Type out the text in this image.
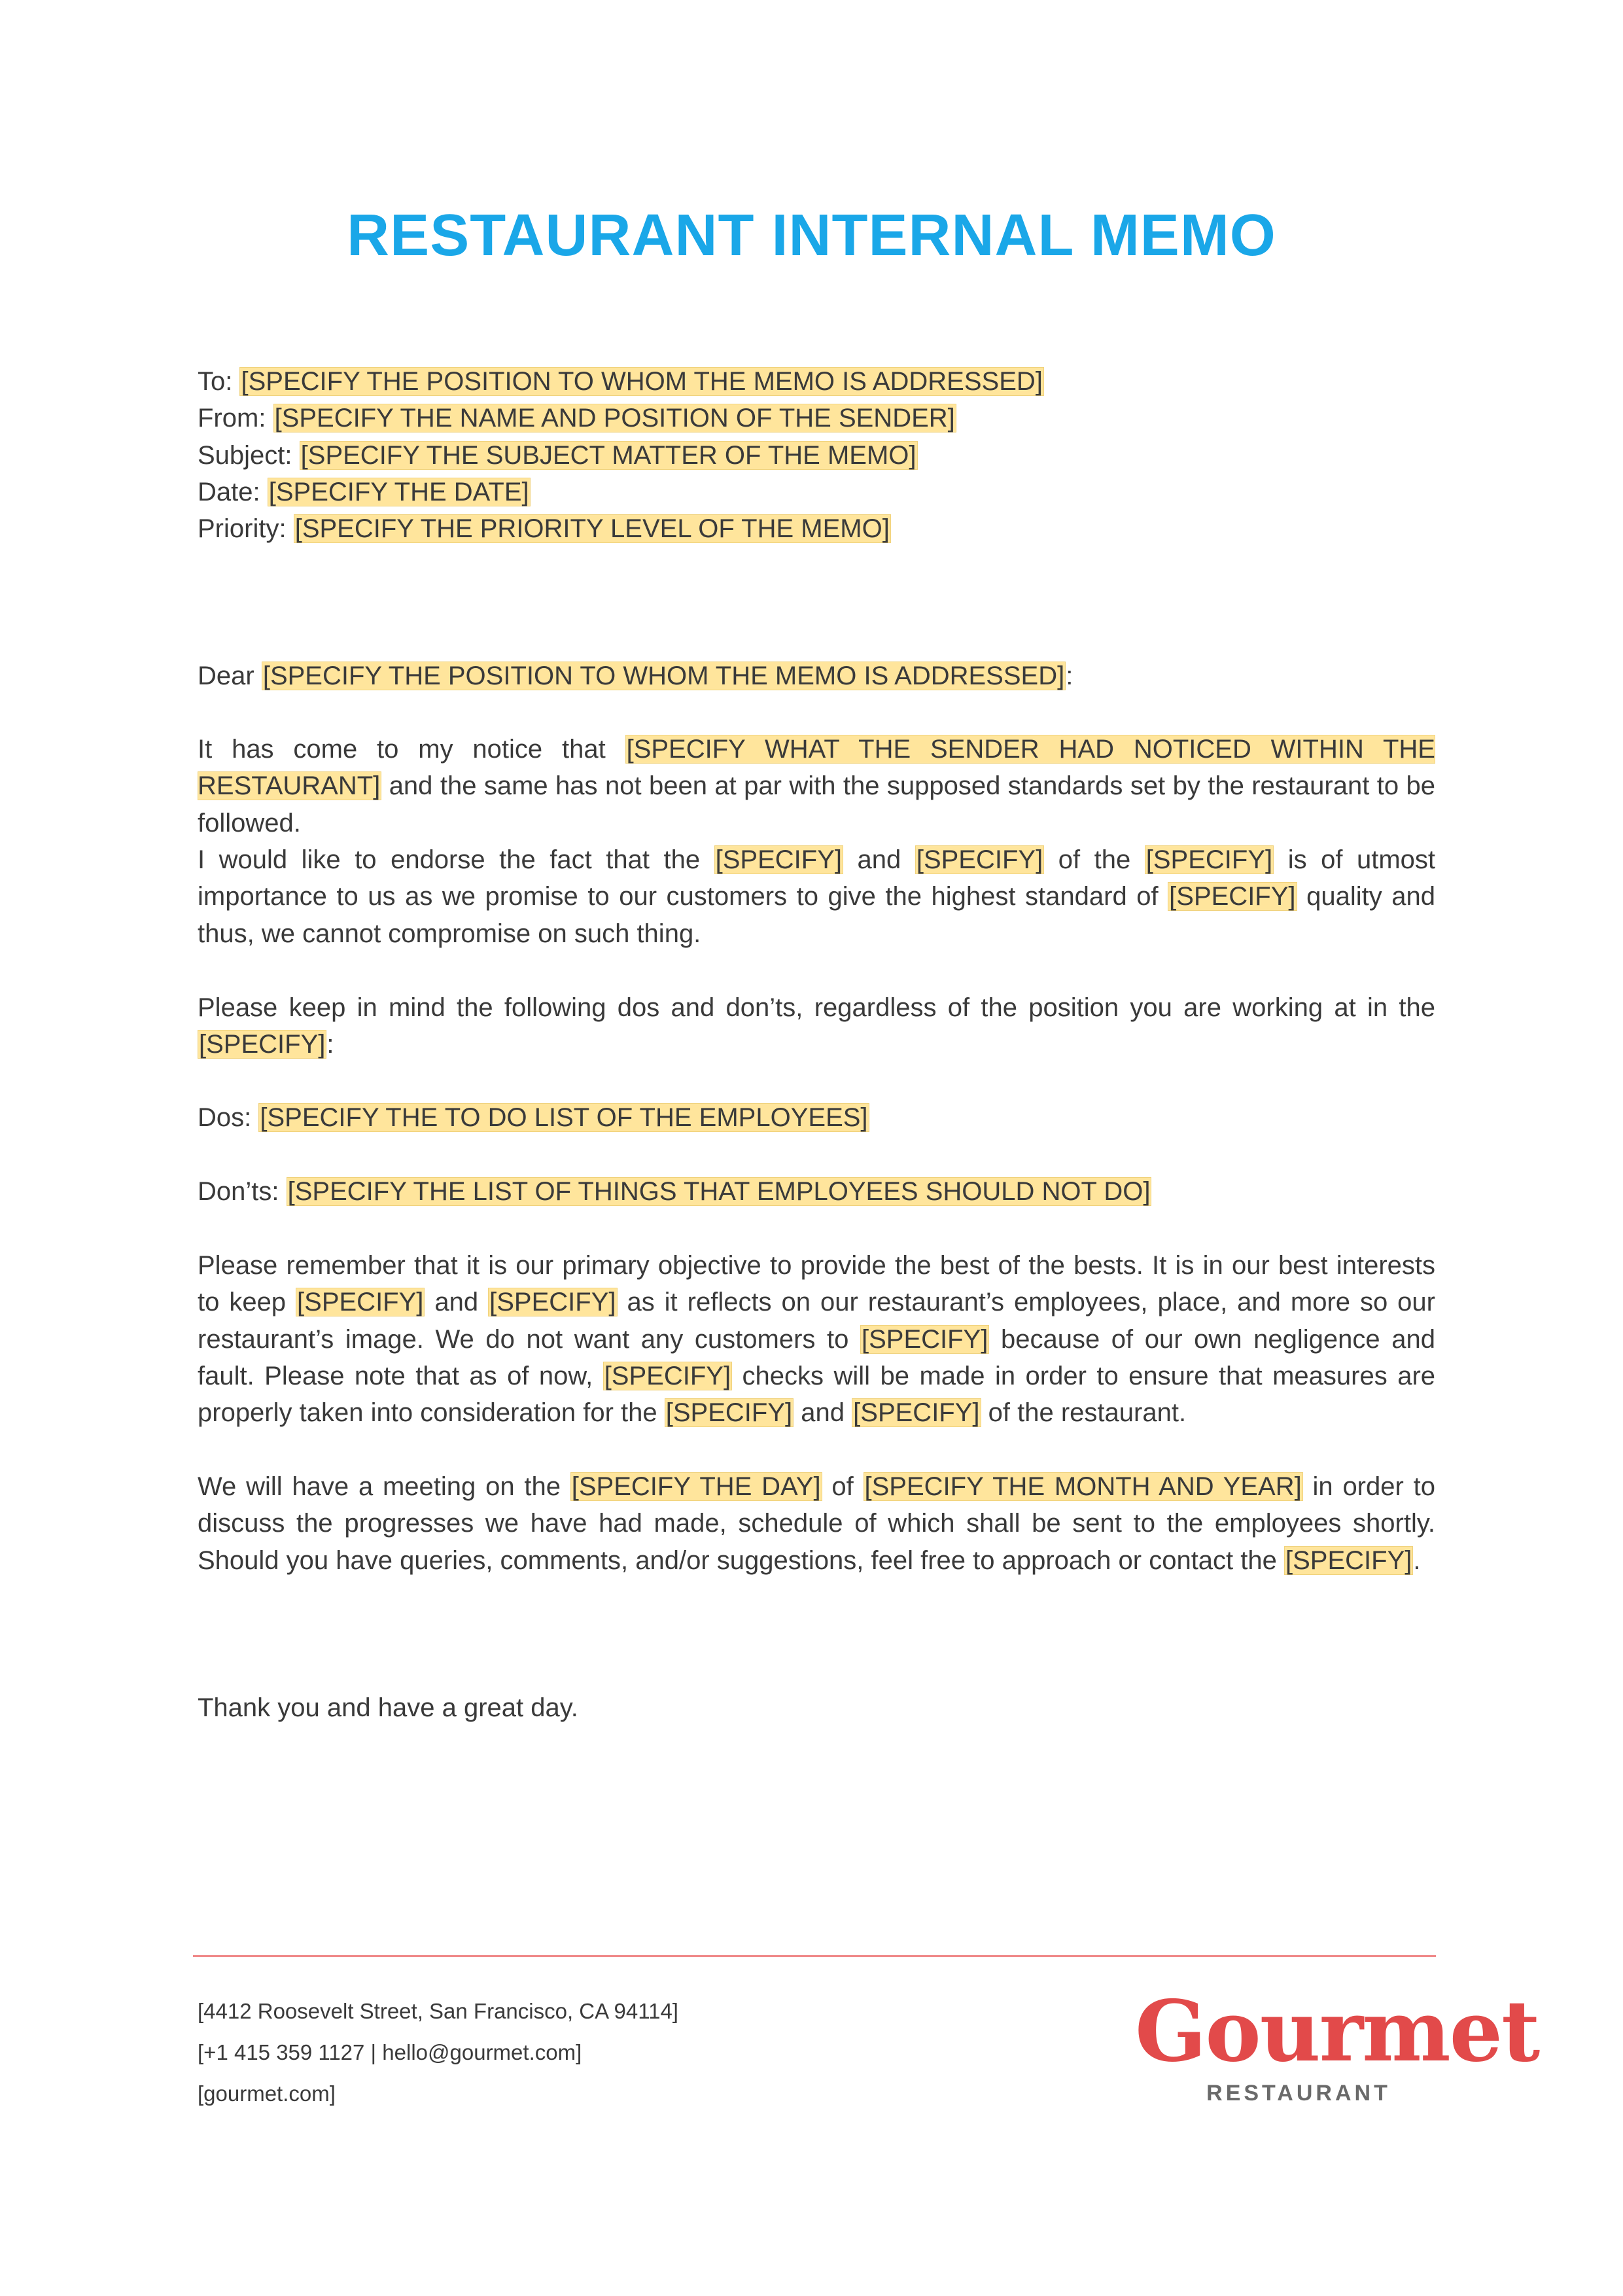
RESTAURANT INTERNAL MEMO

To: [SPECIFY THE POSITION TO WHOM THE MEMO IS ADDRESSED]

From: [SPECIFY THE NAME AND POSITION OF THE SENDER]

Subject: [SPECIFY THE SUBJECT MATTER OF THE MEMO]

Date: [SPECIFY THE DATE]

Priority: [SPECIFY THE PRIORITY LEVEL OF THE MEMO]

Dear [SPECIFY THE POSITION TO WHOM THE MEMO IS ADDRESSED]:

It has come to my notice that [SPECIFY WHAT THE SENDER HAD NOTICED WITHIN THE RESTAURANT] and the same has not been at par with the supposed standards set by the restaurant to be followed.

I would like to endorse the fact that the [SPECIFY] and [SPECIFY] of the [SPECIFY] is of utmost importance to us as we promise to our customers to give the highest standard of [SPECIFY] quality and thus, we cannot compromise on such thing.

Please keep in mind the following dos and don’ts, regardless of the position you are working at in the [SPECIFY]:

Dos: [SPECIFY THE TO DO LIST OF THE EMPLOYEES]

Don’ts: [SPECIFY THE LIST OF THINGS THAT EMPLOYEES SHOULD NOT DO]

Please remember that it is our primary objective to provide the best of the bests. It is in our best interests to keep [SPECIFY] and [SPECIFY] as it reflects on our restaurant’s employees, place, and more so our restaurant’s image. We do not want any customers to [SPECIFY] because of our own negligence and fault. Please note that as of now, [SPECIFY] checks will be made in order to ensure that measures are properly taken into consideration for the [SPECIFY] and [SPECIFY] of the restaurant.

We will have a meeting on the [SPECIFY THE DAY] of [SPECIFY THE MONTH AND YEAR] in order to discuss the progresses we have had made, schedule of which shall be sent to the employees shortly. Should you have queries, comments, and/or suggestions, feel free to approach or contact the [SPECIFY].

Thank you and have a great day.

[4412 Roosevelt Street, San Francisco, CA 94114]
[+1 415 359 1127 | hello@gourmet.com]
[gourmet.com]
Gourmet
RESTAURANT
